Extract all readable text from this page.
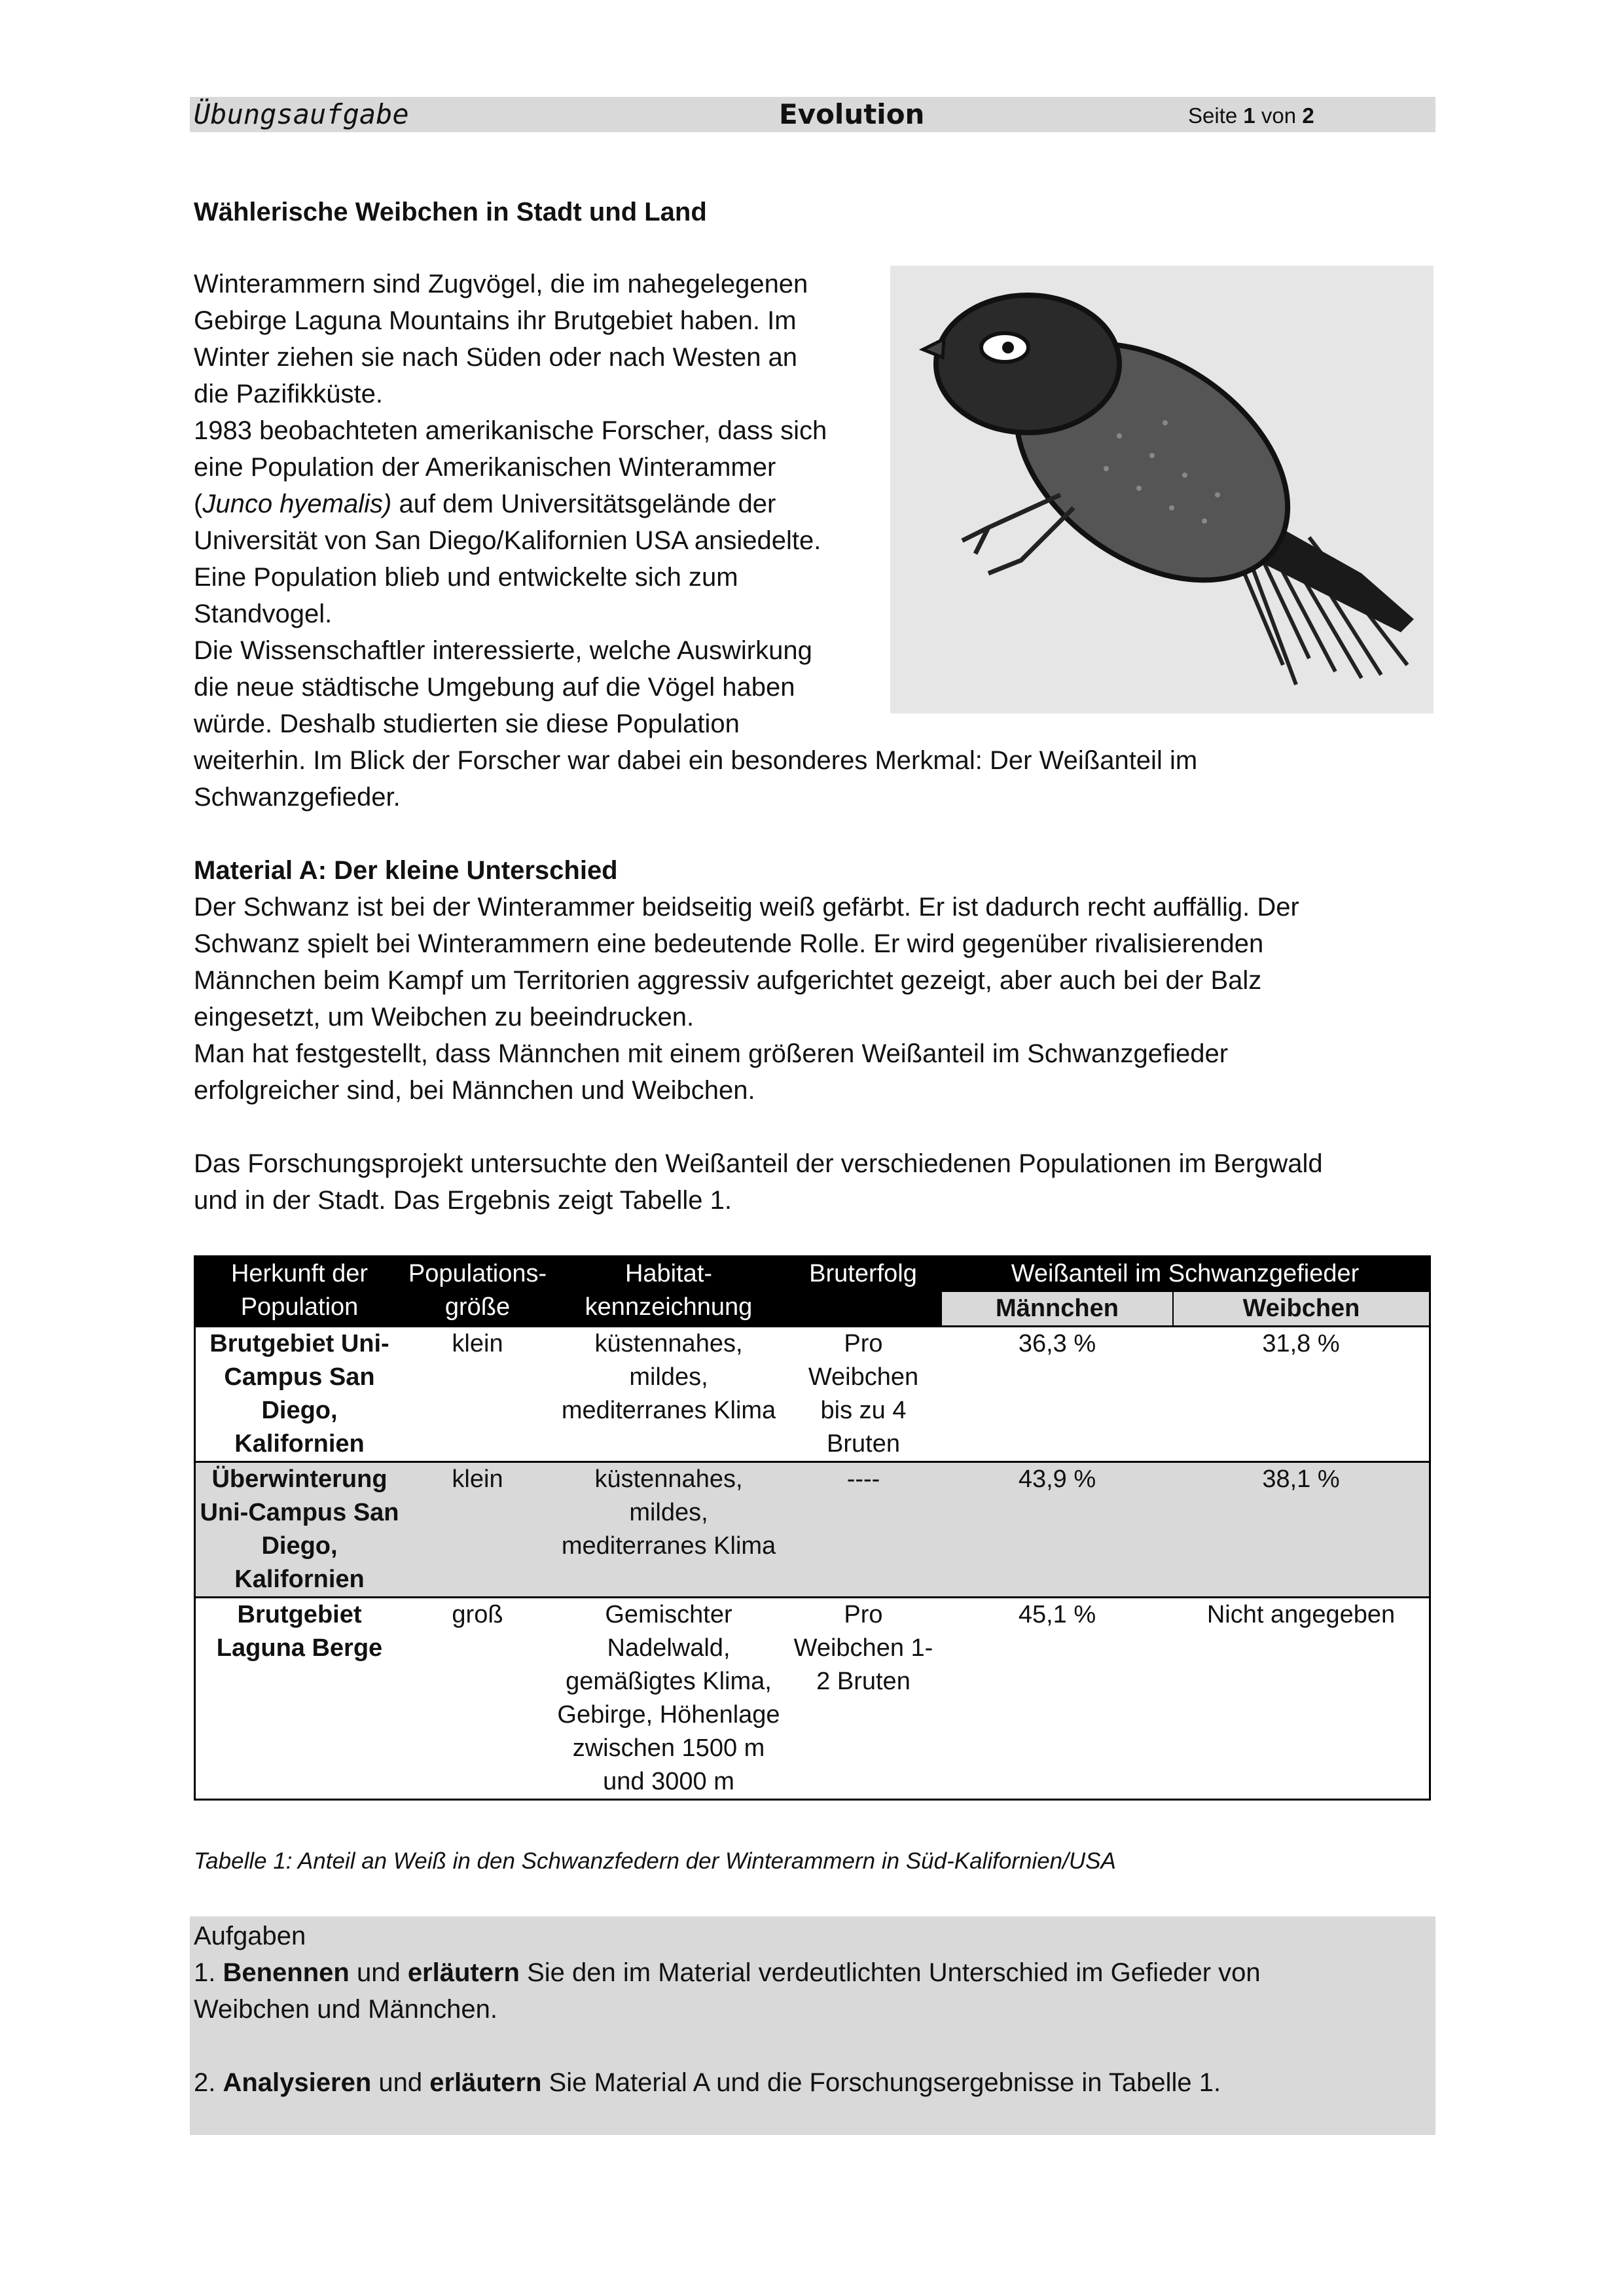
Übungsaufgabe	Evolution	Seite 1 von 2
Wählerische Weibchen in Stadt und Land

Winterammern sind Zugvögel, die im nahegelegenen

Gebirge Laguna Mountains ihr Brutgebiet haben. Im

Winter ziehen sie nach Süden oder nach Westen an

die Pazifikküste.

1983 beobachteten amerikanische Forscher, dass sich

eine Population der Amerikanischen Winterammer

(Junco hyemalis) auf dem Universitätsgelände der

Universität von San Diego/Kalifornien USA ansiedelte.

Eine Population blieb und entwickelte sich zum

Standvogel.

Die Wissenschaftler interessierte, welche Auswirkung

die neue städtische Umgebung auf die Vögel haben

würde. Deshalb studierten sie diese Population

weiterhin. Im Blick der Forscher war dabei ein besonderes Merkmal: Der Weißanteil im

Schwanzgefieder.

Material A: Der kleine Unterschied

Der Schwanz ist bei der Winterammer beidseitig weiß gefärbt. Er ist dadurch recht auffällig. Der

Schwanz spielt bei Winterammern eine bedeutende Rolle. Er wird gegenüber rivalisierenden

Männchen beim Kampf um Territorien aggressiv aufgerichtet gezeigt, aber auch bei der Balz

eingesetzt, um Weibchen zu beeindrucken.

Man hat festgestellt, dass Männchen mit einem größeren Weißanteil im Schwanzgefieder

erfolgreicher sind, bei Männchen und Weibchen.

Das Forschungsprojekt untersuchte den Weißanteil der verschiedenen Populationen im Bergwald

und in der Stadt. Das Ergebnis zeigt Tabelle 1.

Herkunft der Population	Populations-größe	Habitat-kennzeichnung	Bruterfolg	Weißanteil im Schwanzgefieder	
				Männchen	Weibchen
Brutgebiet Uni-Campus San Diego, Kalifornien	klein	küstennahes, mildes, mediterranes Klima	Pro Weibchen bis zu 4 Bruten	36,3 %	31,8 %
Überwinterung Uni-Campus San Diego, Kalifornien	klein	küstennahes, mildes, mediterranes Klima	----	43,9 %	38,1 %
Brutgebiet Laguna Berge	groß	Gemischter Nadelwald, gemäßigtes Klima, Gebirge, Höhenlage zwischen 1500 m und 3000 m	Pro Weibchen 1-2 Bruten	45,1 %	Nicht angegeben
Tabelle 1: Anteil an Weiß in den Schwanzfedern der Winterammern in Süd-Kalifornien/USA

Aufgaben

1. Benennen und erläutern Sie den im Material verdeutlichten Unterschied im Gefieder von

Weibchen und Männchen.

2. Analysieren und erläutern Sie Material A und die Forschungsergebnisse in Tabelle 1.
